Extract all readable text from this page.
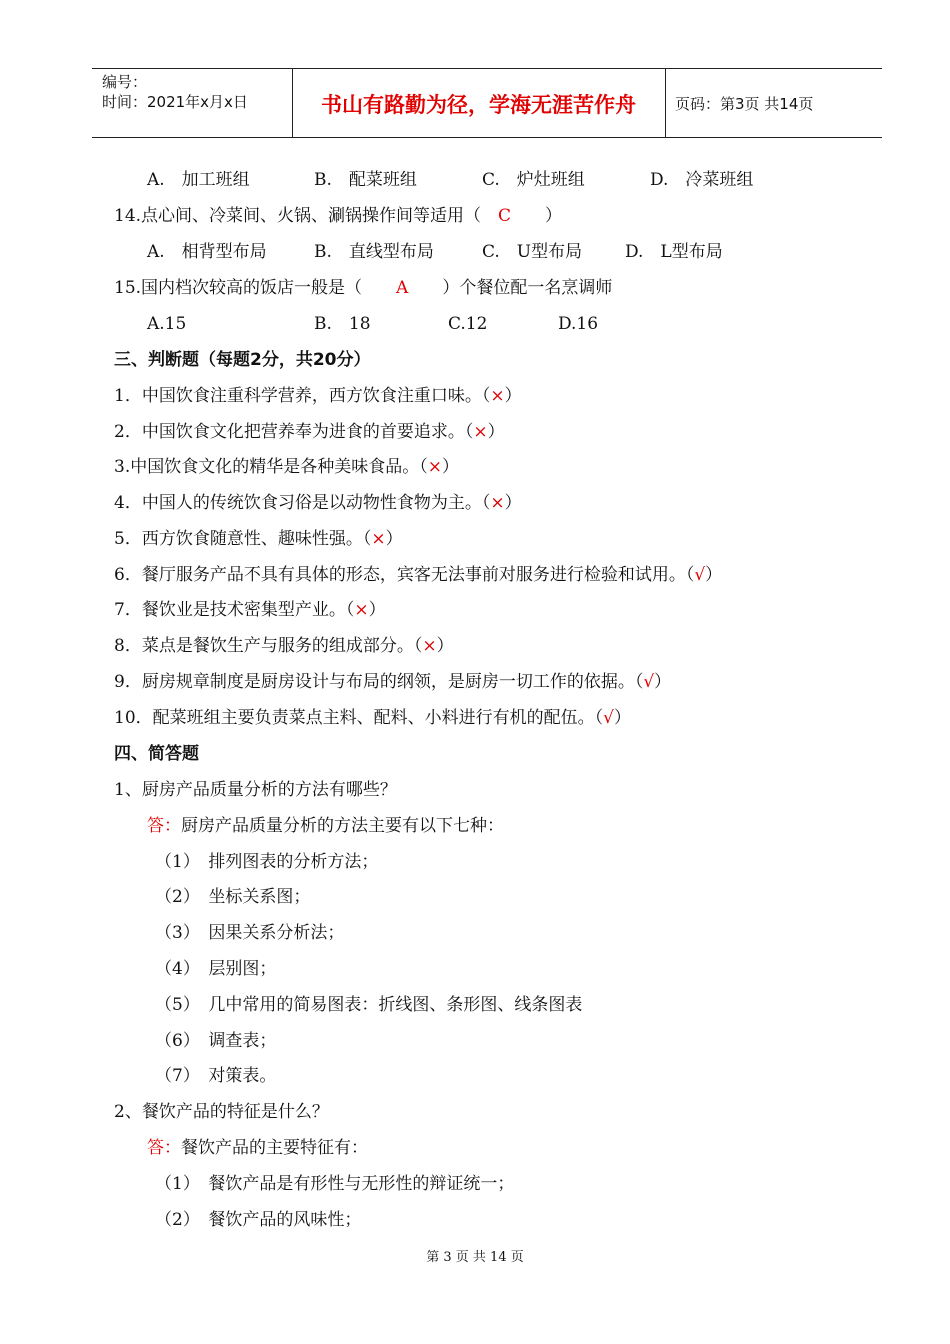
编号：
时间：2021年x月x日	书山有路勤为径，学海无涯苦作舟	页码：第3页 共14页
A.　加工班组	B.　配菜班组	C.　炉灶班组	D.　冷菜班组
14.点心间、冷菜间、火锅、涮锅操作间等适用（　C　　）
A.　相背型布局	B.　直线型布局	C.　U型布局	D.　L型布局
15.国内档次较高的饭店一般是（　　A　　）个餐位配一名烹调师
A.15	B.　18	C.12	D.16
三、判断题（每题2分，共20分）
1．中国饮食注重科学营养，西方饮食注重口味。（×）
2．中国饮食文化把营养奉为进食的首要追求。（×）
3.中国饮食文化的精华是各种美味食品。（×）
4．中国人的传统饮食习俗是以动物性食物为主。（×）
5．西方饮食随意性、趣味性强。（×）
6．餐厅服务产品不具有具体的形态，宾客无法事前对服务进行检验和试用。（√）
7．餐饮业是技术密集型产业。（×）
8．菜点是餐饮生产与服务的组成部分。（×）
9．厨房规章制度是厨房设计与布局的纲领，是厨房一切工作的依据。（√）
10．配菜班组主要负责菜点主料、配料、小料进行有机的配伍。（√）
四、简答题
1、厨房产品质量分析的方法有哪些？
答：厨房产品质量分析的方法主要有以下七种：
（1）　排列图表的分析方法；
（2）　坐标关系图；
（3）　因果关系分析法；
（4）　层别图；
（5）　几中常用的简易图表：折线图、条形图、线条图表
（6）　调查表；
（7）　对策表。
2、餐饮产品的特征是什么？
答：餐饮产品的主要特征有：
（1）　餐饮产品是有形性与无形性的辩证统一；
（2）　餐饮产品的风味性；
第 3 页 共 14 页
